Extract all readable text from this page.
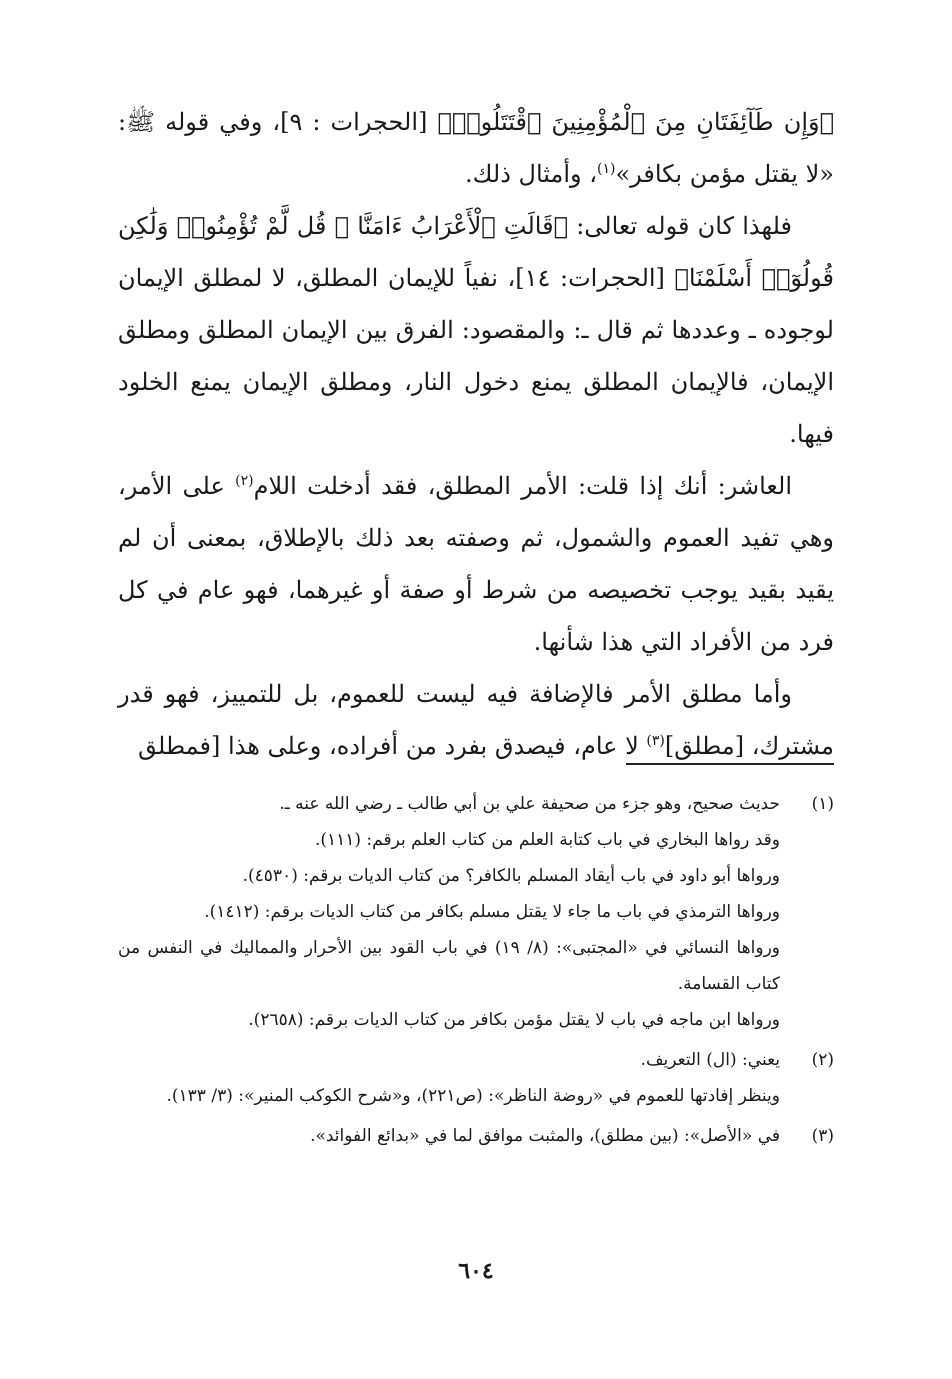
﴿وَإِن طَآئِفَتَانِ مِنَ ٱلْمُؤْمِنِينَ ٱقْتَتَلُوا۟﴾ [الحجرات : ٩]، وفي قوله ﷺ: «لا يقتل مؤمن بكافر»$^{(١)}$، وأمثال ذلك.

فلهذا كان قوله تعالى: ﴿قَالَتِ ٱلْأَعْرَابُ ءَامَنَّا ۖ قُل لَّمْ تُؤْمِنُوا۟ وَلَٰكِن قُولُوٓا۟ أَسْلَمْنَا﴾ [الحجرات: ١٤]، نفياً للإيمان المطلق، لا لمطلق الإيمان لوجوده ـ وعددها ثم قال ـ: والمقصود: الفرق بين الإيمان المطلق ومطلق الإيمان، فالإيمان المطلق يمنع دخول النار، ومطلق الإيمان يمنع الخلود فيها.

العاشر: أنك إذا قلت: الأمر المطلق، فقد أدخلت اللام$^{(٢)}$ على الأمر، وهي تفيد العموم والشمول، ثم وصفته بعد ذلك بالإطلاق، بمعنى أن لم يقيد بقيد يوجب تخصيصه من شرط أو صفة أو غيرهما، فهو عام في كل فرد من الأفراد التي هذا شأنها.

وأما مطلق الأمر فالإضافة فيه ليست للعموم، بل للتمييز، فهو قدر مشترك، [مطلق]$^{(٣)}$ لا عام، فيصدق بفرد من أفراده، وعلى هذا [فمطلق

(١)

حديث صحيح، وهو جزء من صحيفة علي بن أبي طالب ـ رضي الله عنه ـ.

وقد رواها البخاري في باب كتابة العلم من كتاب العلم برقم: (١١١).

ورواها أبو داود في باب أيقاد المسلم بالكافر؟ من كتاب الديات برقم: (٤٥٣٠).

ورواها الترمذي في باب ما جاء لا يقتل مسلم بكافر من كتاب الديات برقم: (١٤١٢).

ورواها النسائي في «المجتبى»: (٨/ ١٩) في باب القود بين الأحرار والمماليك في النفس من كتاب القسامة.

ورواها ابن ماجه في باب لا يقتل مؤمن بكافر من كتاب الديات برقم: (٢٦٥٨).

(٢)

يعني: (ال) التعريف.

وينظر إفادتها للعموم في «روضة الناظر»: (ص٢٢١)، و«شرح الكوكب المنير»: (٣/ ١٣٣).

(٣)

في «الأصل»: (بين مطلق)، والمثبت موافق لما في «بدائع الفوائد».

٦٠٤
